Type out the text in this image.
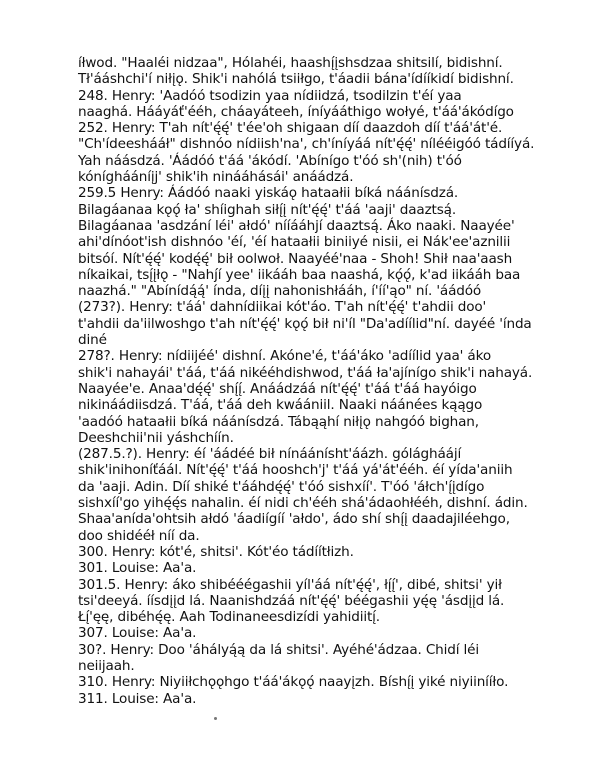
íłwod. "Haaléi nidzaa", Hólahéi, haashį́įshsdzaa shitsilí, bidishní.
Tł'ááshchi'í niłįǫ. Shik'i nahólá tsiiłgo, t'áadii bána'ídííkidí bidishní.
248. Henry: 'Aadóó tsodizin yaa nídiidzá, tsodilzin t'éí yaa
naaghá. Hááyáť'ééh, cháayáteeh, íníyááthigo wołyé, t'áá'ákódígo
252. Henry: T'ah nít'ę́ę́' t'ée'oh shigaan díí daazdoh díí t'áá'át'é.
"Ch'ídeeshááł" dishnóo nídiish'na', ch'íníyáá nít'ę́ę́' nílééigóó tádííyá.
Yah náásdzá. 'Áádóó t'áá 'ákódí. 'Abínígo t'óó sh'(nih) t'óó
kóníghááníįj' shik'ih ninááhásái' anáádzá.
259.5 Henry: Áádóó naaki yiskáǫ hataałii bíká náánísdzá.
Bilagáanaa kǫǫ́ ła' shíighah siłį́į nít'ę́ę́' t'áá 'aaji' daaztsą́.
Bilagáanaa 'asdzání léi' ałdó' nííááhjí daaztsą́. Áko naaki. Naayée'
ahi'dínóot'ish dishnóo 'éí, 'éí hataałii biniiyé nisii, ei Nák'ee'aznilii
bitsóí. Nít'ę́ę́' kodę́ę́' bił oolwoł. Naayéé'naa - Shoh! Shił naa'aash
níkaikai, tsį́įłǫ - "Nahj́í yee' iikááh baa naashá, kǫ́ǫ́, k'ad iikááh baa
naazhá." "Abínídą́ą́' índa, díįį nahonishłááh, í'íí'ąo" ní. 'áádóó
(273?). Henry: t'áá' dahnídiikai kót'áo. T'ah nít'ę́ę́' t'ahdii doo'
t'ahdii da'iilwoshgo t'ah nít'ę́ę́' kǫǫ́ bił ni'íl "Da'adíílid"ní. dayéé 'índa
diné
278?. Henry: nídiijéé' dishní. Akóne'é, t'áá'áko 'adíílid yaa' áko
shik'i nahayái' t'áá, t'áá nikééhdishwod, t'áá ła'ajínígo shik'i nahayá.
Naayée'e. Anaa'dę́ę́' shį́į́. Anáádzáá nít'ę́ę́' t'áá t'áá hayóigo
nikináádiisdzá. T'áá, t'áá deh kwáániil. Naaki náánées kąągo
'aadóó hataałii bíká náánísdzá. Tábąąhí niłįǫ nahgóó bighan,
Deeshchii'nii yáshchíín.
(287.5.?). Henry: éí 'áádéé bił nínáánísht'áázh. gólágháájí
shik'inihoníťáál. Nít'ę́ę́' t'áá hooshch'j' t'áá yá'át'ééh. éí yída'aniih
da 'aaji. Adin. Díí shiké t'ááhdę́ę́' t'óó sishxíí'. T'óó 'áłch'į́įdígo
sishxíí'go yihę́ę́s nahalin. éí nidi ch'ééh shá'ádaohłééh, dishní. ádin.
Shaa'anída'ohtsih ałdó 'áadiígíí 'ałdo', ádo shí shį́į daadajiléehgo,
doo shidééł níí da.
300. Henry: kót'é, shitsi'. Kót'éo tádíítłizh.
301. Louise: Aa'a.
301.5. Henry: áko shibééégashii yíl'áá nít'ę́ę́', łį́į́', dibé, shitsi' yił
tsi'deeyá. íísdįįd lá. Naanishdzáá nít'ę́ę́' béégashii yę́ę 'ásdįįd lá.
Łį́'ęę, dibéhę́ę. Aah Todinaneesdizídi yahidiitį́.
307. Louise: Aa'a.
30?. Henry: Doo 'áhályą́ą da lá shitsi'. Ayéhé'ádzaa. Chidí léi
neiijaah.
310. Henry: Niyiiłchǫǫhgo t'áá'ákǫǫ́ naayįzh. Bíshį́į yiké niyiinííło.
311. Louise: Aa'a.
